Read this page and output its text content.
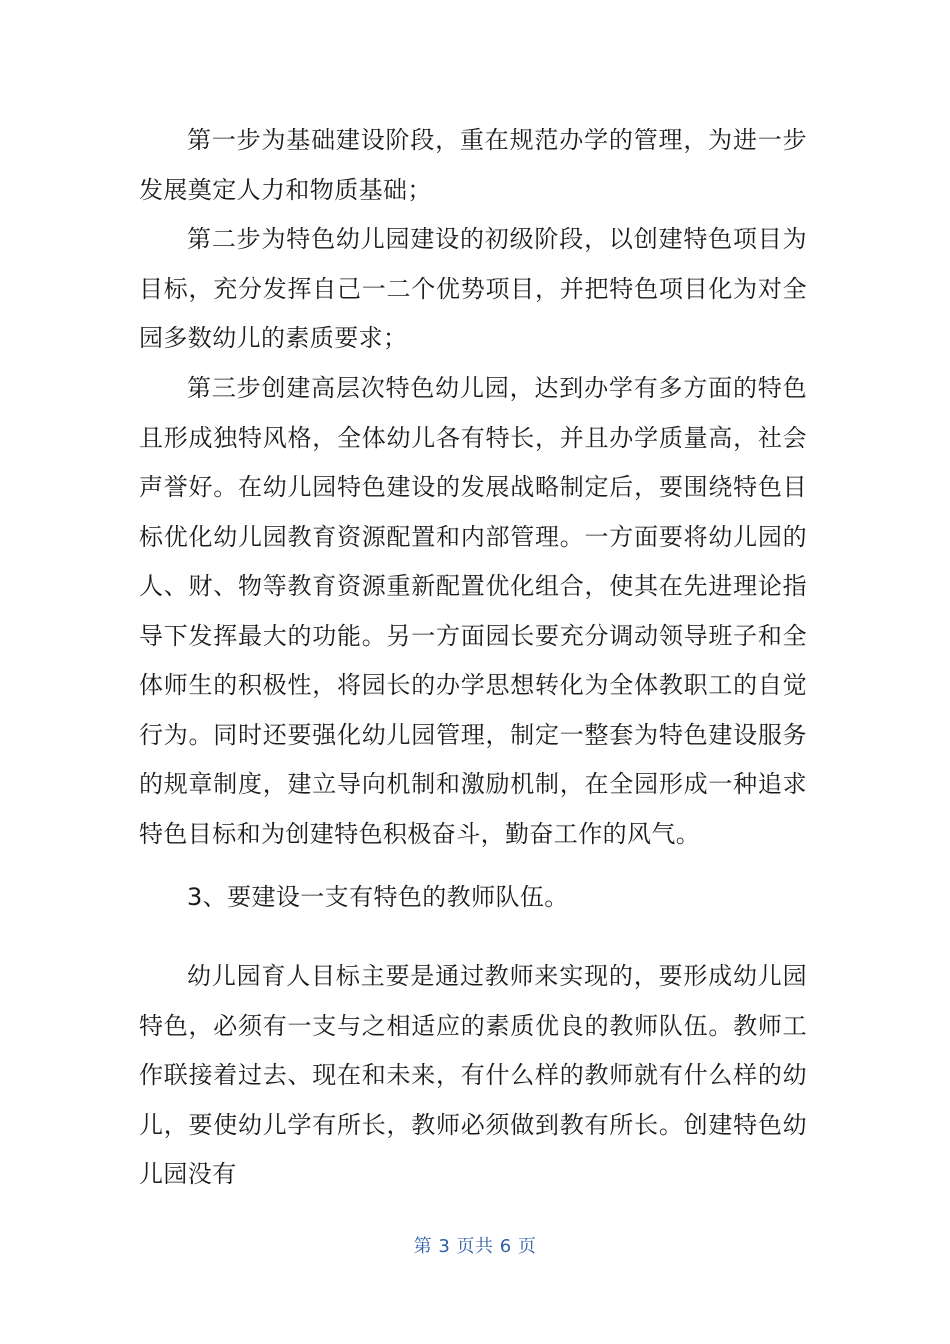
第一步为基础建设阶段，重在规范办学的管理，为进一步发展奠定人力和物质基础；

第二步为特色幼儿园建设的初级阶段，以创建特色项目为目标，充分发挥自己一二个优势项目，并把特色项目化为对全园多数幼儿的素质要求；

第三步创建高层次特色幼儿园，达到办学有多方面的特色且形成独特风格，全体幼儿各有特长，并且办学质量高，社会声誉好。在幼儿园特色建设的发展战略制定后，要围绕特色目标优化幼儿园教育资源配置和内部管理。一方面要将幼儿园的人、财、物等教育资源重新配置优化组合，使其在先进理论指导下发挥最大的功能。另一方面园长要充分调动领导班子和全体师生的积极性，将园长的办学思想转化为全体教职工的自觉行为。同时还要强化幼儿园管理，制定一整套为特色建设服务的规章制度，建立导向机制和激励机制，在全园形成一种追求特色目标和为创建特色积极奋斗，勤奋工作的风气。

3、要建设一支有特色的教师队伍。

幼儿园育人目标主要是通过教师来实现的，要形成幼儿园特色，必须有一支与之相适应的素质优良的教师队伍。教师工作联接着过去、现在和未来，有什么样的教师就有什么样的幼儿，要使幼儿学有所长，教师必须做到教有所长。创建特色幼儿园没有

第 3 页共 6 页
